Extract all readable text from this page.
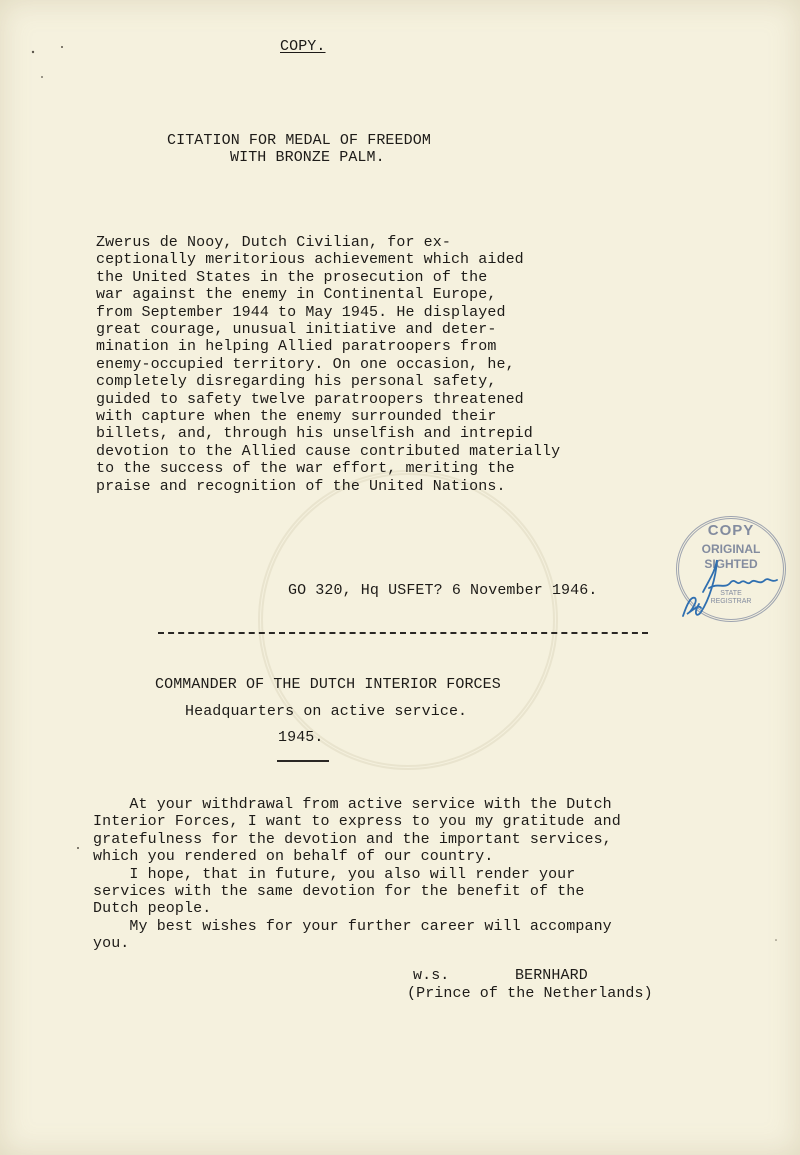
COPY.

CITATION FOR MEDAL OF FREEDOM

WITH BRONZE PALM.

Zwerus de Nooy, Dutch Civilian, for ex-
ceptionally meritorious achievement which aided
the United States in the prosecution of the
war against the enemy in Continental Europe,
from September 1944 to May 1945. He displayed
great courage, unusual initiative and deter-
mination in helping Allied paratroopers from
enemy-occupied territory. On one occasion, he,
completely disregarding his personal safety,
guided to safety twelve paratroopers threatened
with capture when the enemy surrounded their
billets, and, through his unselfish and intrepid
devotion to the Allied cause contributed materially
to the success of the war effort, meriting the
praise and recognition of the United Nations.

GO 320, Hq USFET? 6 November 1946.

COPY
ORIGINAL
SIGHTED
STATE
REGISTRAR

COMMANDER OF THE DUTCH INTERIOR FORCES

Headquarters on active service.

1945.

At your withdrawal from active service with the Dutch
Interior Forces, I want to express to you my gratitude and
gratefulness for the devotion and the important services,
which you rendered on behalf of our country.
I hope, that in future, you also will render your
services with the same devotion for the benefit of the
Dutch people.
My best wishes for your further career will accompany
you.

w.s.	BERNHARD

(Prince of the Netherlands)
